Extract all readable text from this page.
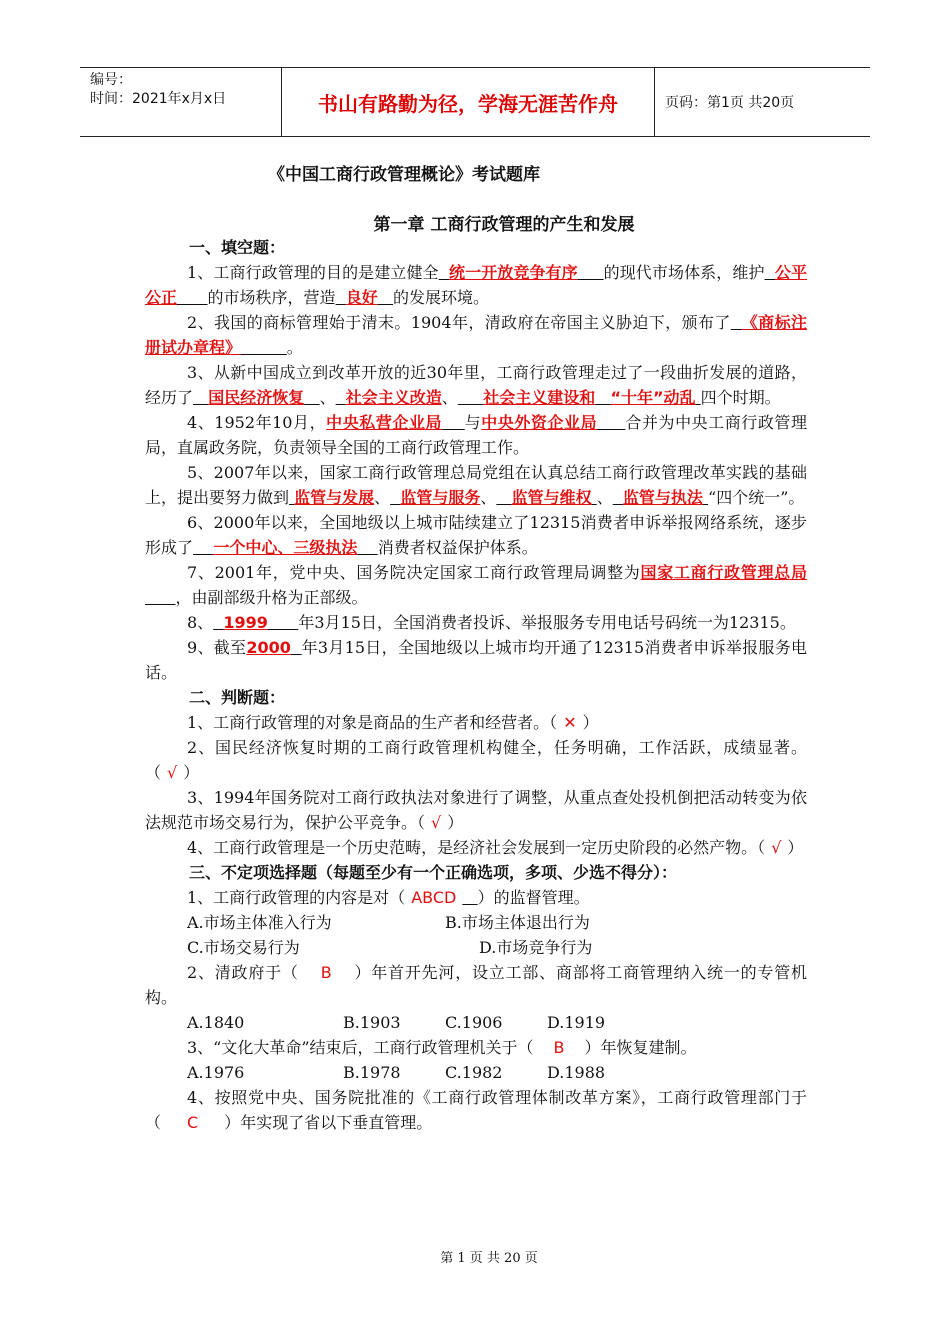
编号：
时间：2021年x月x日	书山有路勤为径，学海无涯苦作舟	页码：第1页 共20页
《中国工商行政管理概论》考试题库
第一章 工商行政管理的产生和发展

一、填空题：

1、工商行政管理的目的是建立健全 统一开放竞争有序 的现代市场体系，维护 公平公正 的市场秩序，营造 良好 的发展环境。

2、我国的商标管理始于清末。1904年，清政府在帝国主义胁迫下，颁布了 《商标注册试办章程》	。

3、从新中国成立到改革开放的近30年里，工商行政管理走过了一段曲折发展的道路，经历了 国民经济恢复 、 社会主义改造、 社会主义建设和 “十年”动乱 四个时期。

4、1952年10月，中央私营企业局 与中央外资企业局 合并为中央工商行政管理局，直属政务院，负责领导全国的工商行政管理工作。

5、2007年以来，国家工商行政管理总局党组在认真总结工商行政管理改革实践的基础上，提出要努力做到 监管与发展、 监管与服务、 监管与维权 、 监管与执法 “四个统一”。

6、2000年以来，全国地级以上城市陆续建立了12315消费者申诉举报网络系统，逐步形成了 一个中心、三级执法 消费者权益保护体系。

7、2001年，党中央、国务院决定国家工商行政管理局调整为国家工商行政管理总局      ，由副部级升格为正部级。

8、 1999 年3月15日，全国消费者投诉、举报服务专用电话号码统一为12315。

9、截至2000 年3月15日，全国地级以上城市均开通了12315消费者申诉举报服务电话。

二、判断题：

1、工商行政管理的对象是商品的生产者和经营者。（ ✕ ）

2、国民经济恢复时期的工商行政管理机构健全，任务明确，工作活跃，成绩显著。（ √ ）

3、1994年国务院对工商行政执法对象进行了调整，从重点查处投机倒把活动转变为依法规范市场交易行为，保护公平竞争。（ √ ）

4、工商行政管理是一个历史范畴，是经济社会发展到一定历史阶段的必然产物。（ √ ）

三、不定项选择题（每题至少有一个正确选项，多项、少选不得分）：

1、工商行政管理的内容是对（ ABCD ）的监督管理。

A.市场主体准入行为	B.市场主体退出行为
C.市场交易行为	D.市场竞争行为

2、清政府于（ B ）年首开先河，设立工部、商部将工商管理纳入统一的专管机构。

A.1840	B.1903	C.1906	D.1919

3、“文化大革命”结束后，工商行政管理机关于（ B ）年恢复建制。

A.1976	B.1978	C.1982	D.1988

4、按照党中央、国务院批准的《工商行政管理体制改革方案》，工商行政管理部门于（ C ）年实现了省以下垂直管理。

第 1 页 共 20 页
